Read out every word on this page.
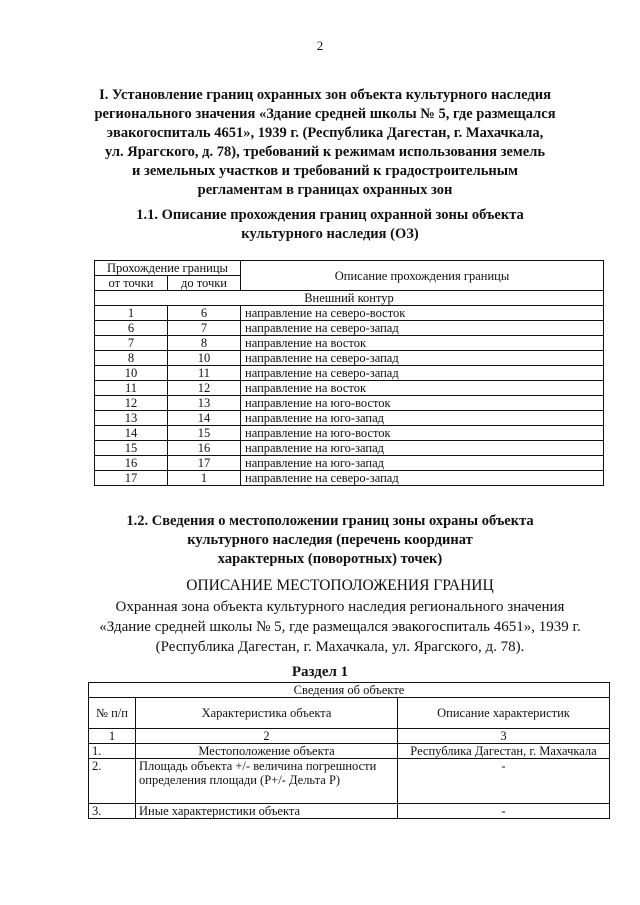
2
I. Установление границ охранных зон объекта культурного наследия
регионального значения «Здание средней школы № 5, где размещался
эвакогоспиталь 4651», 1939 г. (Республика Дагестан, г. Махачкала,
ул. Ярагского, д. 78), требований к режимам использования земель
и земельных участков и требований к градостроительным
регламентам в границах охранных зон
1.1. Описание прохождения границ охранной зоны объекта
культурного наследия (ОЗ)
Прохождение границы		Описание прохождения границы
от точки	до точки	
Внешний контур		
1	6	направление на северо-восток
6	7	направление на северо-запад
7	8	направление на восток
8	10	направление на северо-запад
10	11	направление на северо-запад
11	12	направление на восток
12	13	направление на юго-восток
13	14	направление на юго-запад
14	15	направление на юго-восток
15	16	направление на юго-запад
16	17	направление на юго-запад
17	1	направление на северо-запад
1.2. Сведения о местоположении границ зоны охраны объекта
культурного наследия (перечень координат
характерных (поворотных) точек)
ОПИСАНИЕ МЕСТОПОЛОЖЕНИЯ ГРАНИЦ
Охранная зона объекта культурного наследия регионального значения
«Здание средней школы № 5, где размещался эвакогоспиталь 4651», 1939 г.
(Республика Дагестан, г. Махачкала, ул. Ярагского, д. 78).
Раздел 1
Сведения об объекте		
№ п/п	Характеристика объекта	Описание характеристик
1	2	3
1.	Местоположение объекта	Республика Дагестан, г. Махачкала
2.	Площадь объекта +/- величина погрешности определения площади (Р+/- Дельта Р)	-
3.	Иные характеристики объекта	-
